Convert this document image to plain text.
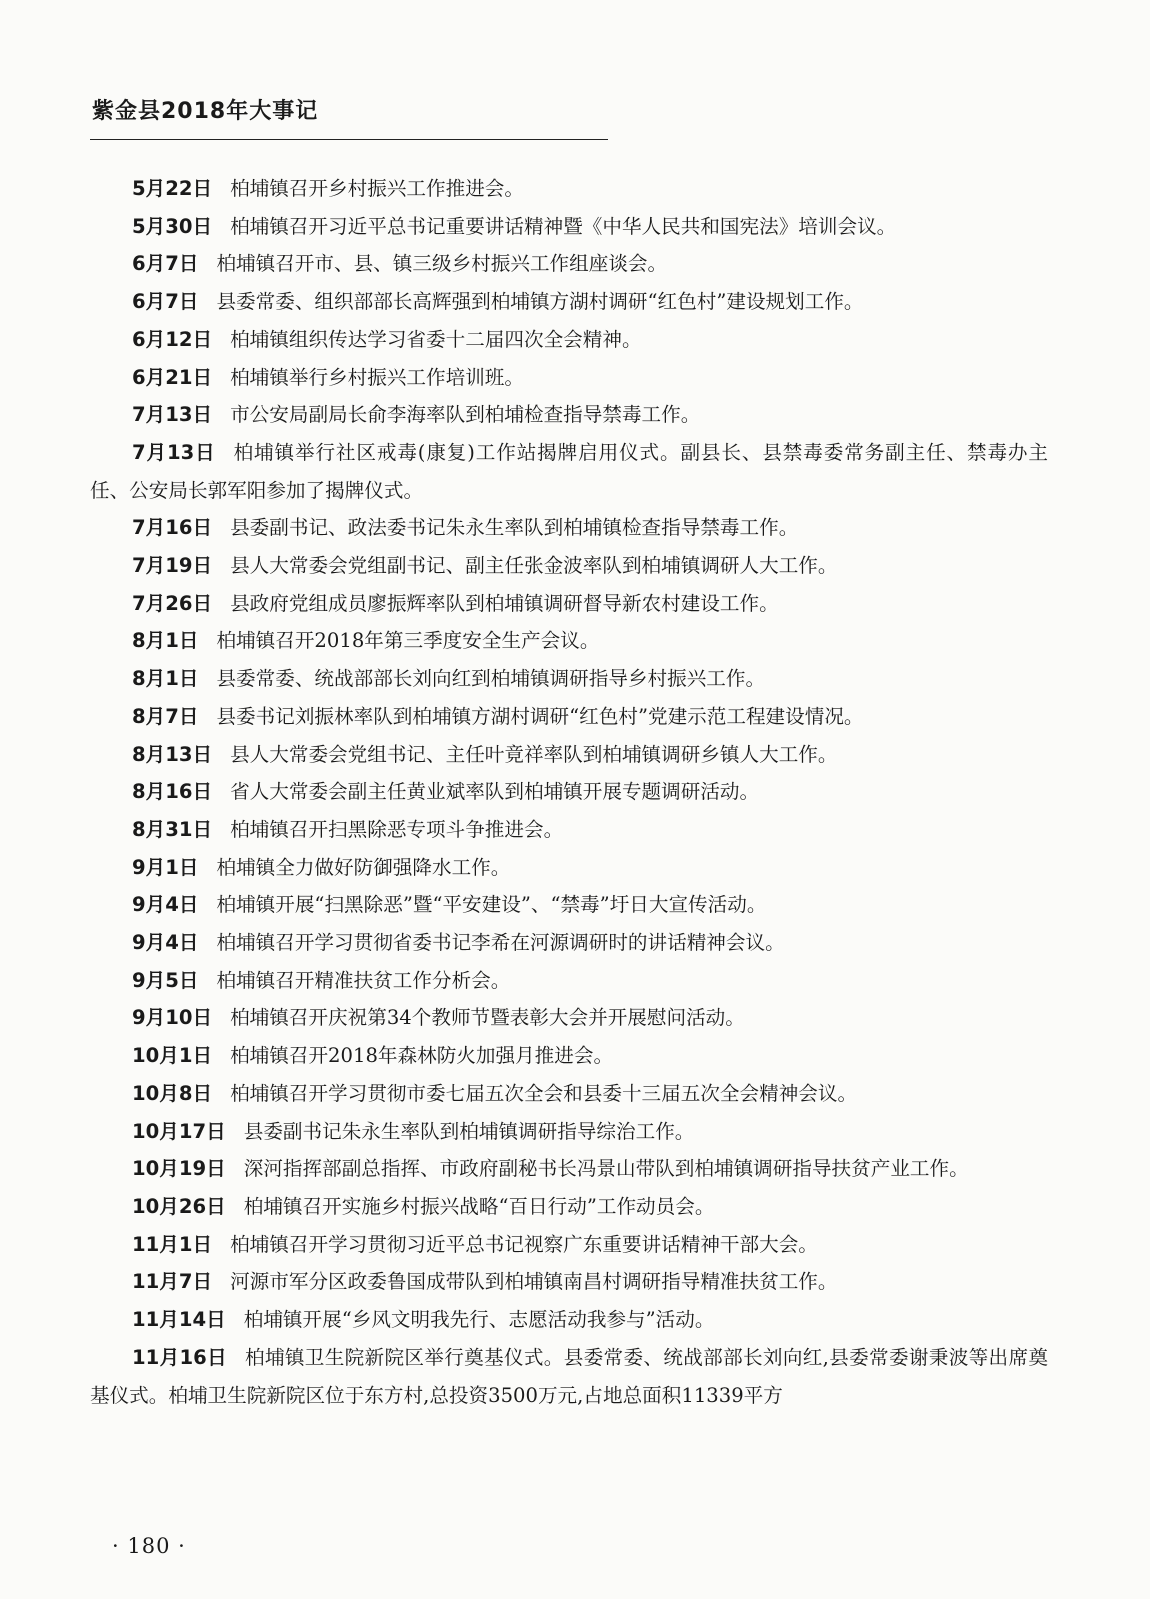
紫金县2018年大事记

5月22日 柏埔镇召开乡村振兴工作推进会。

5月30日 柏埔镇召开习近平总书记重要讲话精神暨《中华人民共和国宪法》培训会议。

6月7日 柏埔镇召开市、县、镇三级乡村振兴工作组座谈会。

6月7日 县委常委、组织部部长高辉强到柏埔镇方湖村调研“红色村”建设规划工作。

6月12日 柏埔镇组织传达学习省委十二届四次全会精神。

6月21日 柏埔镇举行乡村振兴工作培训班。

7月13日 市公安局副局长俞李海率队到柏埔检查指导禁毒工作。

7月13日 柏埔镇举行社区戒毒(康复)工作站揭牌启用仪式。副县长、县禁毒委常务副主任、禁毒办主任、公安局长郭军阳参加了揭牌仪式。

7月16日 县委副书记、政法委书记朱永生率队到柏埔镇检查指导禁毒工作。

7月19日 县人大常委会党组副书记、副主任张金波率队到柏埔镇调研人大工作。

7月26日 县政府党组成员廖振辉率队到柏埔镇调研督导新农村建设工作。

8月1日 柏埔镇召开2018年第三季度安全生产会议。

8月1日 县委常委、统战部部长刘向红到柏埔镇调研指导乡村振兴工作。

8月7日 县委书记刘振林率队到柏埔镇方湖村调研“红色村”党建示范工程建设情况。

8月13日 县人大常委会党组书记、主任叶竟祥率队到柏埔镇调研乡镇人大工作。

8月16日 省人大常委会副主任黄业斌率队到柏埔镇开展专题调研活动。

8月31日 柏埔镇召开扫黑除恶专项斗争推进会。

9月1日 柏埔镇全力做好防御强降水工作。

9月4日 柏埔镇开展“扫黑除恶”暨“平安建设”、“禁毒”圩日大宣传活动。

9月4日 柏埔镇召开学习贯彻省委书记李希在河源调研时的讲话精神会议。

9月5日 柏埔镇召开精准扶贫工作分析会。

9月10日 柏埔镇召开庆祝第34个教师节暨表彰大会并开展慰问活动。

10月1日 柏埔镇召开2018年森林防火加强月推进会。

10月8日 柏埔镇召开学习贯彻市委七届五次全会和县委十三届五次全会精神会议。

10月17日 县委副书记朱永生率队到柏埔镇调研指导综治工作。

10月19日 深河指挥部副总指挥、市政府副秘书长冯景山带队到柏埔镇调研指导扶贫产业工作。

10月26日 柏埔镇召开实施乡村振兴战略“百日行动”工作动员会。

11月1日 柏埔镇召开学习贯彻习近平总书记视察广东重要讲话精神干部大会。

11月7日 河源市军分区政委鲁国成带队到柏埔镇南昌村调研指导精准扶贫工作。

11月14日 柏埔镇开展“乡风文明我先行、志愿活动我参与”活动。

11月16日 柏埔镇卫生院新院区举行奠基仪式。县委常委、统战部部长刘向红,县委常委谢秉波等出席奠基仪式。柏埔卫生院新院区位于东方村,总投资3500万元,占地总面积11339平方

· 180 ·
